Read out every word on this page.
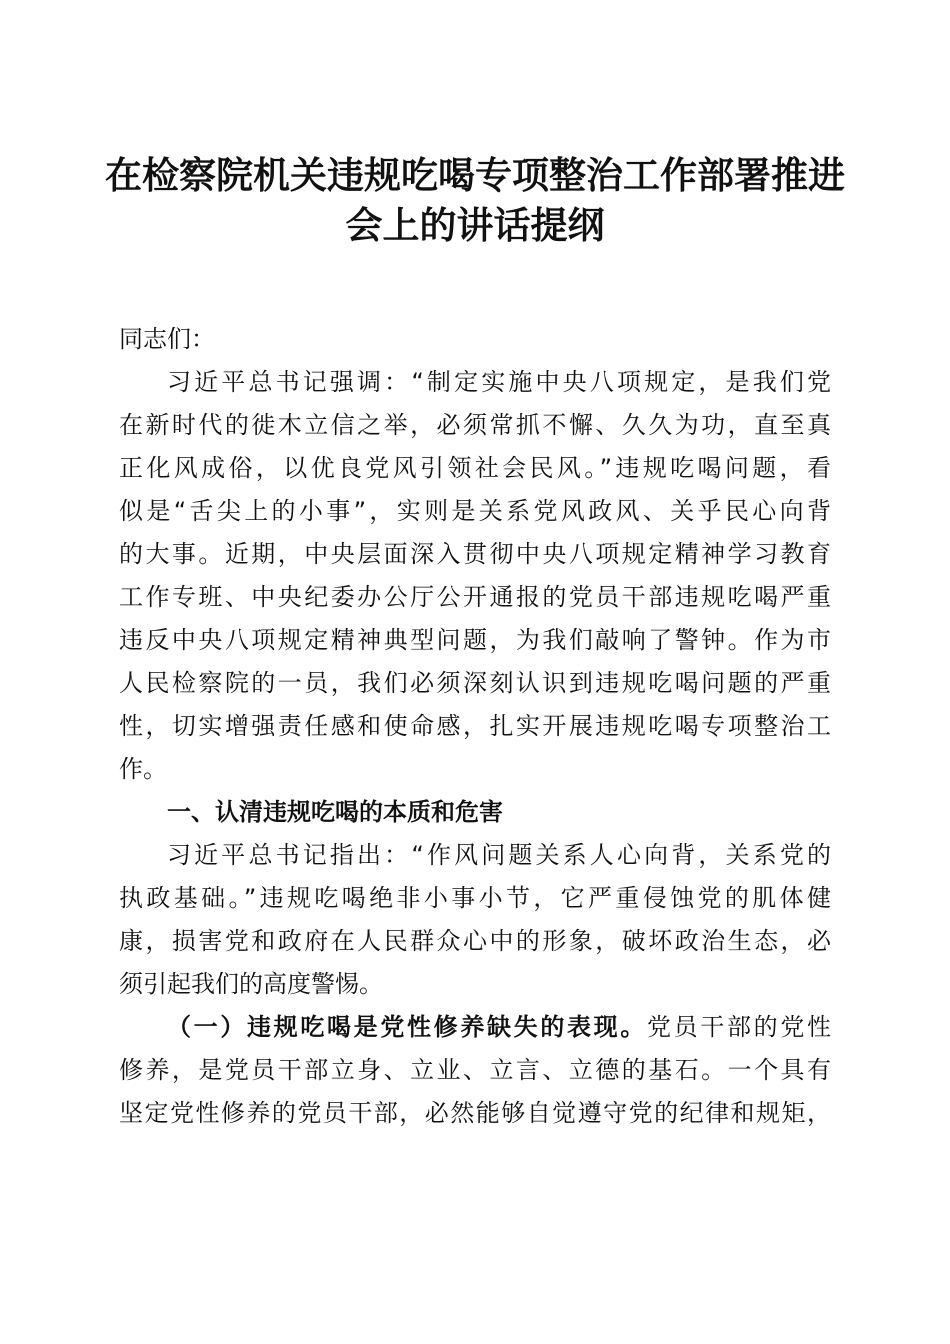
在检察院机关违规吃喝专项整治工作部署推进
会上的讲话提纲
同志们：
习近平总书记强调：“制定实施中央八项规定，是我们党
在新时代的徙木立信之举，必须常抓不懈、久久为功，直至真
正化风成俗，以优良党风引领社会民风。”违规吃喝问题，看
似是“舌尖上的小事”，实则是关系党风政风、关乎民心向背
的大事。近期，中央层面深入贯彻中央八项规定精神学习教育
工作专班、中央纪委办公厅公开通报的党员干部违规吃喝严重
违反中央八项规定精神典型问题，为我们敲响了警钟。作为市
人民检察院的一员，我们必须深刻认识到违规吃喝问题的严重
性，切实增强责任感和使命感，扎实开展违规吃喝专项整治工
作。
一、认清违规吃喝的本质和危害
习近平总书记指出：“作风问题关系人心向背，关系党的
执政基础。”违规吃喝绝非小事小节，它严重侵蚀党的肌体健
康，损害党和政府在人民群众心中的形象，破坏政治生态，必
须引起我们的高度警惕。
（一）违规吃喝是党性修养缺失的表现。党员干部的党性
修养，是党员干部立身、立业、立言、立德的基石。一个具有
坚定党性修养的党员干部，必然能够自觉遵守党的纪律和规矩，
